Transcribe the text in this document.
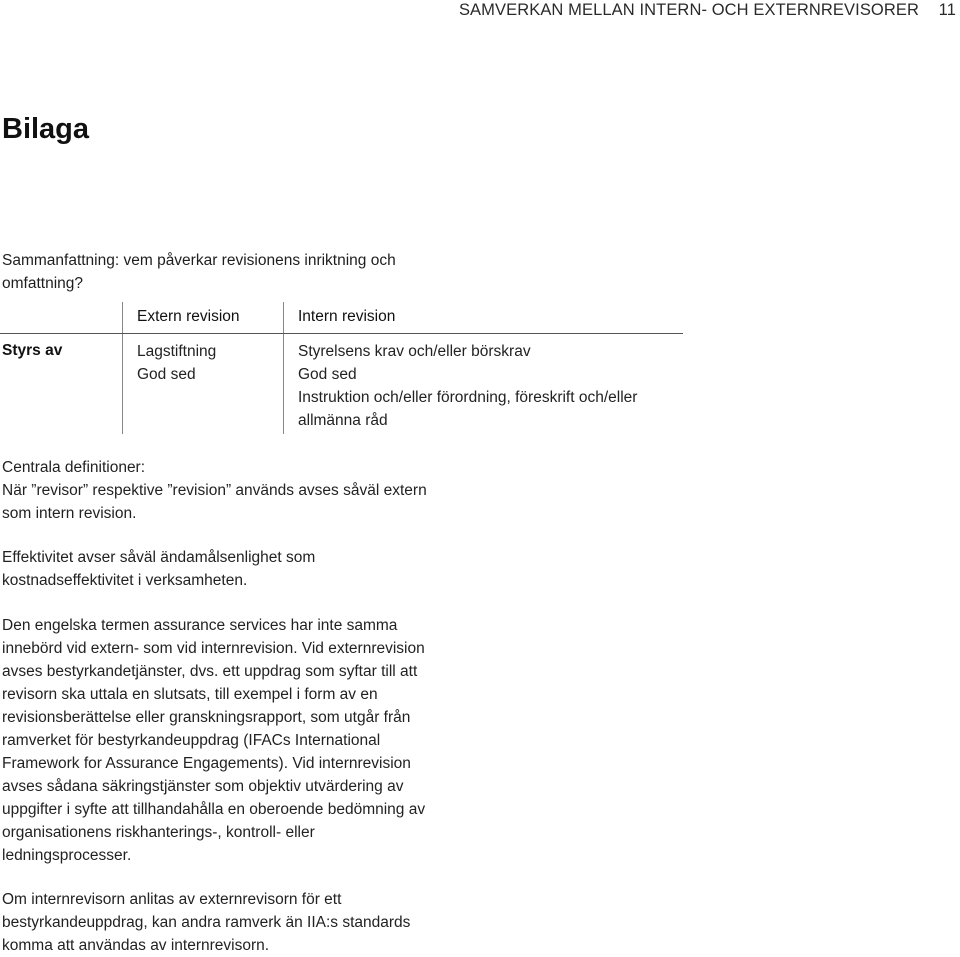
SAMVERKAN MELLAN INTERN- OCH EXTERNREVISORER 11
Bilaga

Sammanfattning: vem påverkar revisionens inriktning och omfattning?

Extern revision	Intern revision
Styrs av	Lagstiftning
God sed
Styrelsens krav och/eller börskrav
God sed
Instruktion och/eller förordning, föreskrift och/eller
allmänna råd

Centrala definitioner:
När ”revisor” respektive ”revision” används avses såväl extern
som intern revision.

Effektivitet avser såväl ändamålsenlighet som
kostnadseffektivitet i verksamheten.

Den engelska termen assurance services har inte samma
innebörd vid extern- som vid internrevision. Vid externrevision
avses bestyrkandetjänster, dvs. ett uppdrag som syftar till att
revisorn ska uttala en slutsats, till exempel i form av en
revisionsberättelse eller granskningsrapport, som utgår från
ramverket för bestyrkandeuppdrag (IFACs International
Framework for Assurance Engagements). Vid internrevision
avses sådana säkringstjänster som objektiv utvärdering av
uppgifter i syfte att tillhandahålla en oberoende bedömning av
organisationens riskhanterings-, kontroll- eller
ledningsprocesser.

Om internrevisorn anlitas av externrevisorn för ett
bestyrkandeuppdrag, kan andra ramverk än IIA:s standards
komma att användas av internrevisorn.
